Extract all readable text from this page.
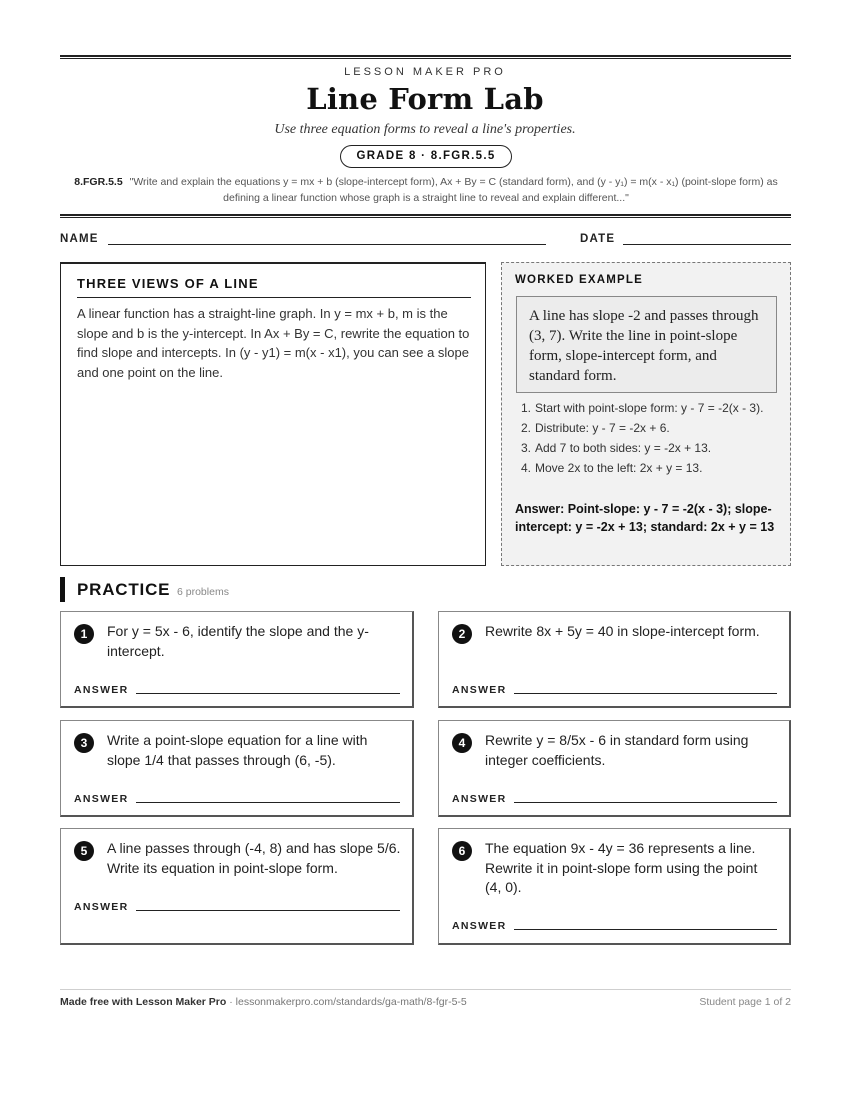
LESSON MAKER PRO
Line Form Lab
Use three equation forms to reveal a line's properties.
GRADE 8 · 8.FGR.5.5
8.FGR.5.5 "Write and explain the equations y = mx + b (slope-intercept form), Ax + By = C (standard form), and (y - y₁) = m(x - x₁) (point-slope form) as defining a linear function whose graph is a straight line to reveal and explain different..."
NAME	DATE
THREE VIEWS OF A LINE
A linear function has a straight-line graph. In y = mx + b, m is the slope and b is the y-intercept. In Ax + By = C, rewrite the equation to find slope and intercepts. In (y - y1) = m(x - x1), you can see a slope and one point on the line.
WORKED EXAMPLE
A line has slope -2 and passes through (3, 7). Write the line in point-slope form, slope-intercept form, and standard form.
1. Start with point-slope form: y - 7 = -2(x - 3).
2. Distribute: y - 7 = -2x + 6.
3. Add 7 to both sides: y = -2x + 13.
4. Move 2x to the left: 2x + y = 13.
Answer: Point-slope: y - 7 = -2(x - 3); slope-intercept: y = -2x + 13; standard: 2x + y = 13
PRACTICE 6 problems
1	For y = 5x - 6, identify the slope and the y-intercept.
ANSWER
2	Rewrite 8x + 5y = 40 in slope-intercept form.
ANSWER
3	Write a point-slope equation for a line with slope 1/4 that passes through (6, -5).
ANSWER
4	Rewrite y = 8/5x - 6 in standard form using integer coefficients.
ANSWER
5	A line passes through (-4, 8) and has slope 5/6. Write its equation in point-slope form.
ANSWER
6	The equation 9x - 4y = 36 represents a line. Rewrite it in point-slope form using the point (4, 0).
ANSWER
Made free with Lesson Maker Pro · lessonmakerpro.com/standards/ga-math/8-fgr-5-5	Student page 1 of 2
